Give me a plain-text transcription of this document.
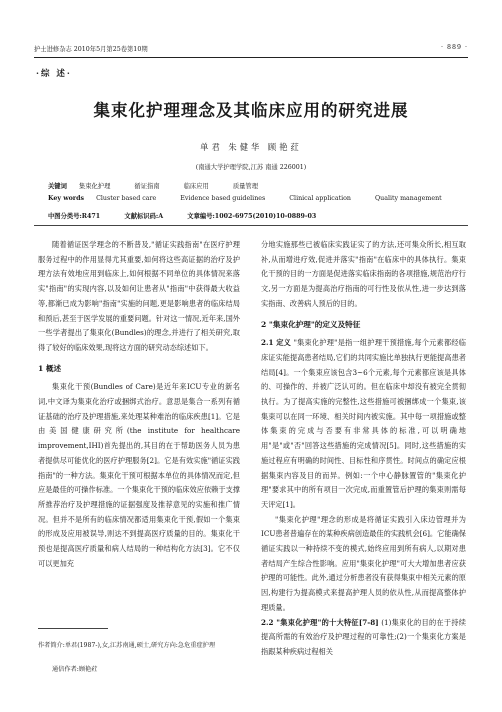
护士进修杂志 2010年5月第25卷第10期	· 889 ·
·综 述·
集束化护理理念及其临床应用的研究进展
单君 朱健华 顾艳荭
(南通大学护理学院,江苏 南通 226001)
关键词 集束化护理	循证指南	临床应用	质量管理
Key words Cluster based care	Evidence based guidelines	Clinical application	Quality management
中图分类号:R471	文献标识码:A	文章编号:1002-6975(2010)10-0889-03

随着循证医学理念的不断普及,"循证实践指南"在医疗护理服务过程中的作用显得尤其重要,如何将这些高证据的治疗及护理方法有效地应用到临床上,如何根据不同单位的具体情况来落实"指南"的实现内容,以及如何让患者从"指南"中获得最大收益等,都渐已成为影响"指南"实施的问题,更是影响患者的临床结局和预后,甚至于医学发展的重要问题。针对这一情况,近年来,国外一些学者提出了集束化(Bundles)的理念,并进行了相关研究,取得了较好的临床效果,现将这方面的研究动态综述如下。

1 概述

集束化干预(Bundles of Care)是近年来ICU专业的新名词,中文译为集束化治疗或捆绑式治疗。意思是集合一系列有循证基础的治疗及护理措施,来处理某种难治的临床疾患[1]。它是由美国健康研究所(the institute for healthcare improvement,IHI)首先提出的,其目的在于帮助医务人员为患者提供尽可能优化的医疗护理服务[2]。它是有效实施"循证实践指南"的一种方法。集束化干预可根据本单位的具体情况而定,但应是最佳的可操作标准。一个集束化干预的临床效应依赖于支撑所推荐治疗及护理措施的证据强度及推荐意见的实施和推广情况。但并不是所有的临床情况都适用集束化干预,假如一个集束的形成及应用被误导,则达不到提高医疗质量的目的。集束化干预也是提高医疗质量和病人结局的一种结构化方法[3]。它不仅可以更加充

分地实施那些已被临床实践证实了的方法,还可集众所长,相互取补,从而增进疗效,促进并落实"指南"在临床中的具体执行。集束化干预的目的一方面是促进落实临床指南的各项措施,规范治疗行文,另一方面是为提高治疗指南的可行性及依从性,进一步达到落实指南、改善病人预后的目的。

2 "集束化护理"的定义及特征

2.1 定义 "集束化护理"是指一组护理干预措施,每个元素都经临床证实能提高患者结局,它们的共同实施比单独执行更能提高患者结局[4]。一个集束应该包含3~6个元素,每个元素都应该是具体的、可操作的、并被广泛认可的。但在临床中却没有被完全贯彻执行。为了提高实施的完整性,这些措施可被捆绑成一个集束,该集束可以在同一环境、相关时间内被实施。其中每一项措施或整体集束的完成与否要有非常具体的标准,可以明确地用"是"或"否"回答这些措施的完成情况[5]。同时,这些措施的实施过程应有明确的时间性、目标性和序贯性。时间点的确定应根据集束内容及目的而异。例如:一个中心静脉置管的"集束化护理"要求其中的所有项目一次完成,而重置管后护理的集束则需每天评定[1]。

"集束化护理"理念的形成是将循证实践引入床边管理并为ICU患者普遍存在的某种疾病创造最佳的实践机会[6]。它能确保循证实践以一种持续不变的模式,始终应用到所有病人,以期对患者结局产生综合性影响。应用"集束化护理"可大大增加患者应获护理的可能性。此外,通过分析患者没有获得集束中相关元素的原因,构建行为提高模式来提高护理人员的依从性,从而提高整体护理质量。

2.2 "集束化护理"的十大特征[7-8] (1)集束化的目的在于持续提高所需的有效治疗及护理过程的可靠性;(2)一个集束化方案是指跟某种疾病过程相关

作者简介:单君(1987-),女,江苏南通,硕士,研究方向:急危重症护理
通信作者:顾艳荭
